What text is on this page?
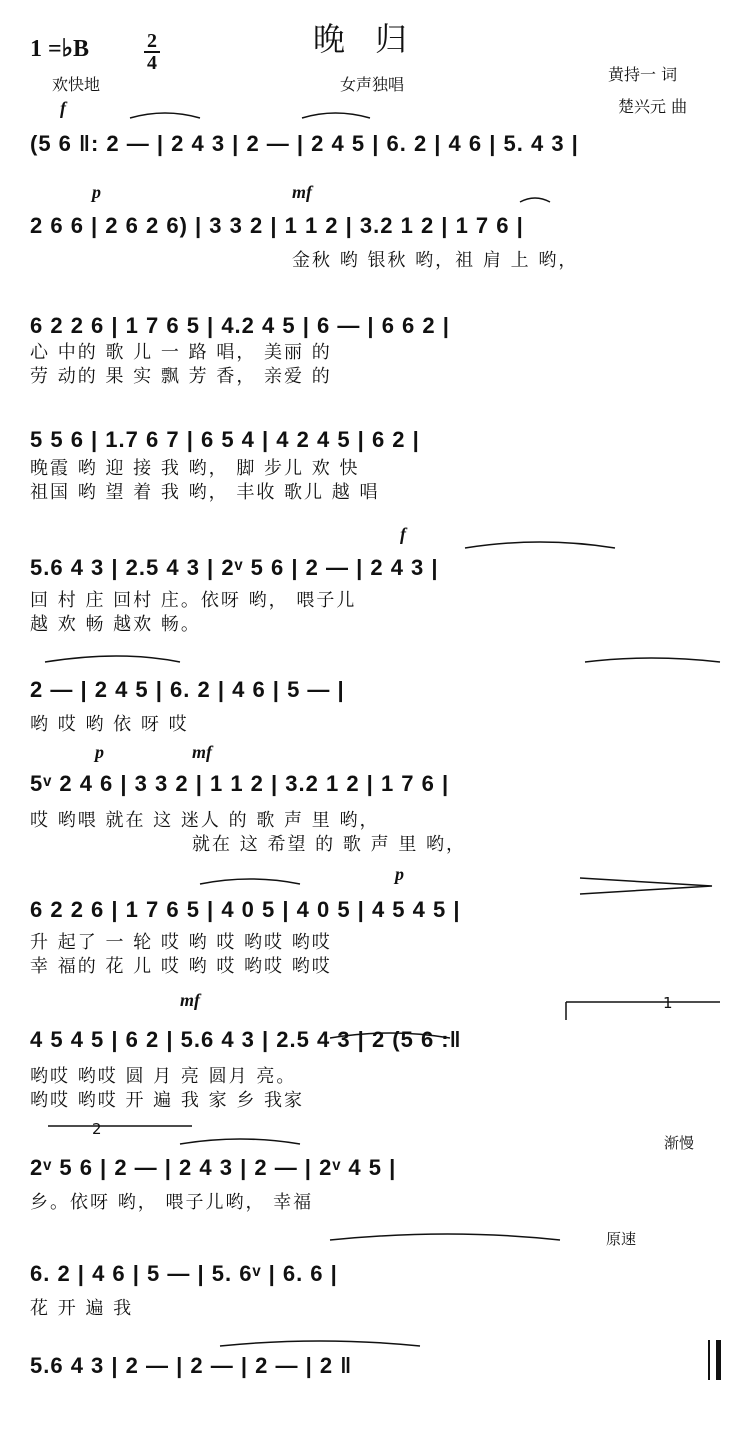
晚归
1 =♭B	2
4
欢快地	女声独唱
黄持一 词
楚兴元 曲
f
(5 6 ‖: 2 — | 2 4 3 | 2 — | 2 4 5 | 6. 2 | 4 6 | 5. 4 3 |
p	mf
2 6 6 | 2 6 2 6) | 3 3 2 | 1 1 2 | 3.2 1 2 | 1 7 6 |
金秋 哟 银秋 哟，祖 肩 上 哟，
6 2 2 6 | 1 7 6 5 | 4.2 4 5 | 6 — | 6 6 2 |
心 中的 歌 儿 一 路 唱， 美丽 的
劳 动的 果 实 飘 芳 香， 亲爱 的
5 5 6 | 1.7 6 7 | 6 5 4 | 4 2 4 5 | 6 2 |
晚霞 哟 迎 接 我 哟， 脚 步儿 欢 快
祖国 哟 望 着 我 哟， 丰收 歌儿 越 唱
f
5.6 4 3 | 2.5 4 3 | 2ᵛ 5 6 | 2 — | 2 4 3 |
回 村 庄 回村 庄。依呀 哟， 喂子儿
越 欢 畅 越欢 畅。
2 — | 2 4 5 | 6. 2 | 4 6 | 5 — |
哟 哎 哟 依 呀 哎
p	mf
5ᵛ 2 4 6 | 3 3 2 | 1 1 2 | 3.2 1 2 | 1 7 6 |
哎 哟喂 就在 这 迷人 的 歌 声 里 哟，
就在 这 希望 的 歌 声 里 哟，
p
6 2 2 6 | 1 7 6 5 | 4 0 5 | 4 0 5 | 4 5 4 5 |
升 起了 一 轮 哎 哟 哎 哟哎 哟哎
幸 福的 花 儿 哎 哟 哎 哟哎 哟哎
mf	1
4 5 4 5 | 6 2 | 5.6 4 3 | 2.5 4 3 | 2 (5 6 :‖
哟哎 哟哎 圆 月 亮 圆月 亮。
哟哎 哟哎 开 遍 我 家 乡 我家
2
渐慢
2ᵛ 5 6 | 2 — | 2 4 3 | 2 — | 2ᵛ 4 5 |
乡。依呀 哟， 喂子儿哟， 幸福
原速
6. 2 | 4 6 | 5 — | 5. 6ᵛ | 6. 6 |
花 开 遍 我
5.6 4 3 | 2 — | 2 — | 2 — | 2 ‖
